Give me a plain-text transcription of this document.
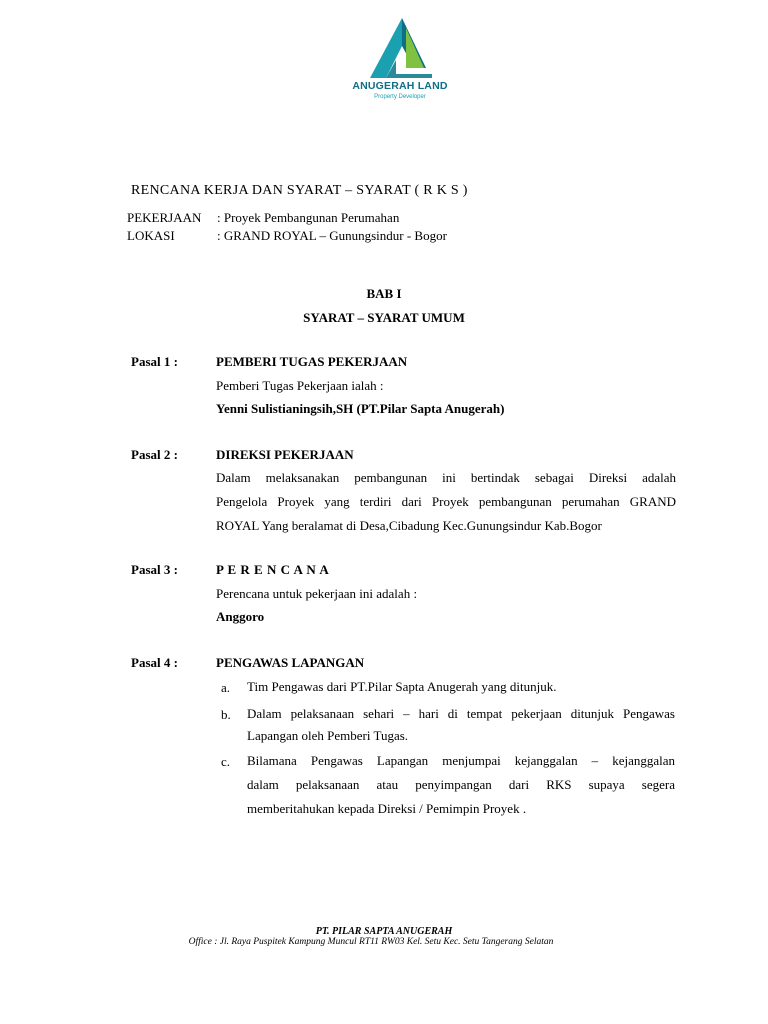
ANUGERAH LAND
Property Developer
RENCANA KERJA DAN SYARAT – SYARAT ( R K S )
PEKERJAAN : Proyek Pembangunan Perumahan
LOKASI	: GRAND ROYAL – Gunungsindur - Bogor
BAB I
SYARAT – SYARAT UMUM
Pasal 1 :	PEMBERI TUGAS PEKERJAAN
Pemberi Tugas Pekerjaan ialah :
Yenni Sulistianingsih,SH (PT.Pilar Sapta Anugerah)
Pasal 2 :	DIREKSI PEKERJAAN
Dalam melaksanakan pembangunan ini bertindak sebagai Direksi adalah
Pengelola Proyek yang terdiri dari Proyek pembangunan perumahan GRAND
ROYAL Yang beralamat di Desa,Cibadung Kec.Gunungsindur Kab.Bogor
Pasal 3 :	P E R E N C A N A
Perencana untuk pekerjaan ini adalah :
Anggoro
Pasal 4 :	PENGAWAS LAPANGAN
a. Tim Pengawas dari PT.Pilar Sapta Anugerah yang ditunjuk.
b. Dalam pelaksanaan sehari – hari di tempat pekerjaan ditunjuk Pengawas
Lapangan oleh Pemberi Tugas.
c. Bilamana Pengawas Lapangan menjumpai kejanggalan – kejanggalan
dalam pelaksanaan atau penyimpangan dari RKS supaya segera
memberitahukan kepada Direksi / Pemimpin Proyek .
PT. PILAR SAPTA ANUGERAH
Office : Jl. Raya Puspitek Kampung Muncul RT11 RW03 Kel. Setu Kec. Setu Tangerang Selatan
